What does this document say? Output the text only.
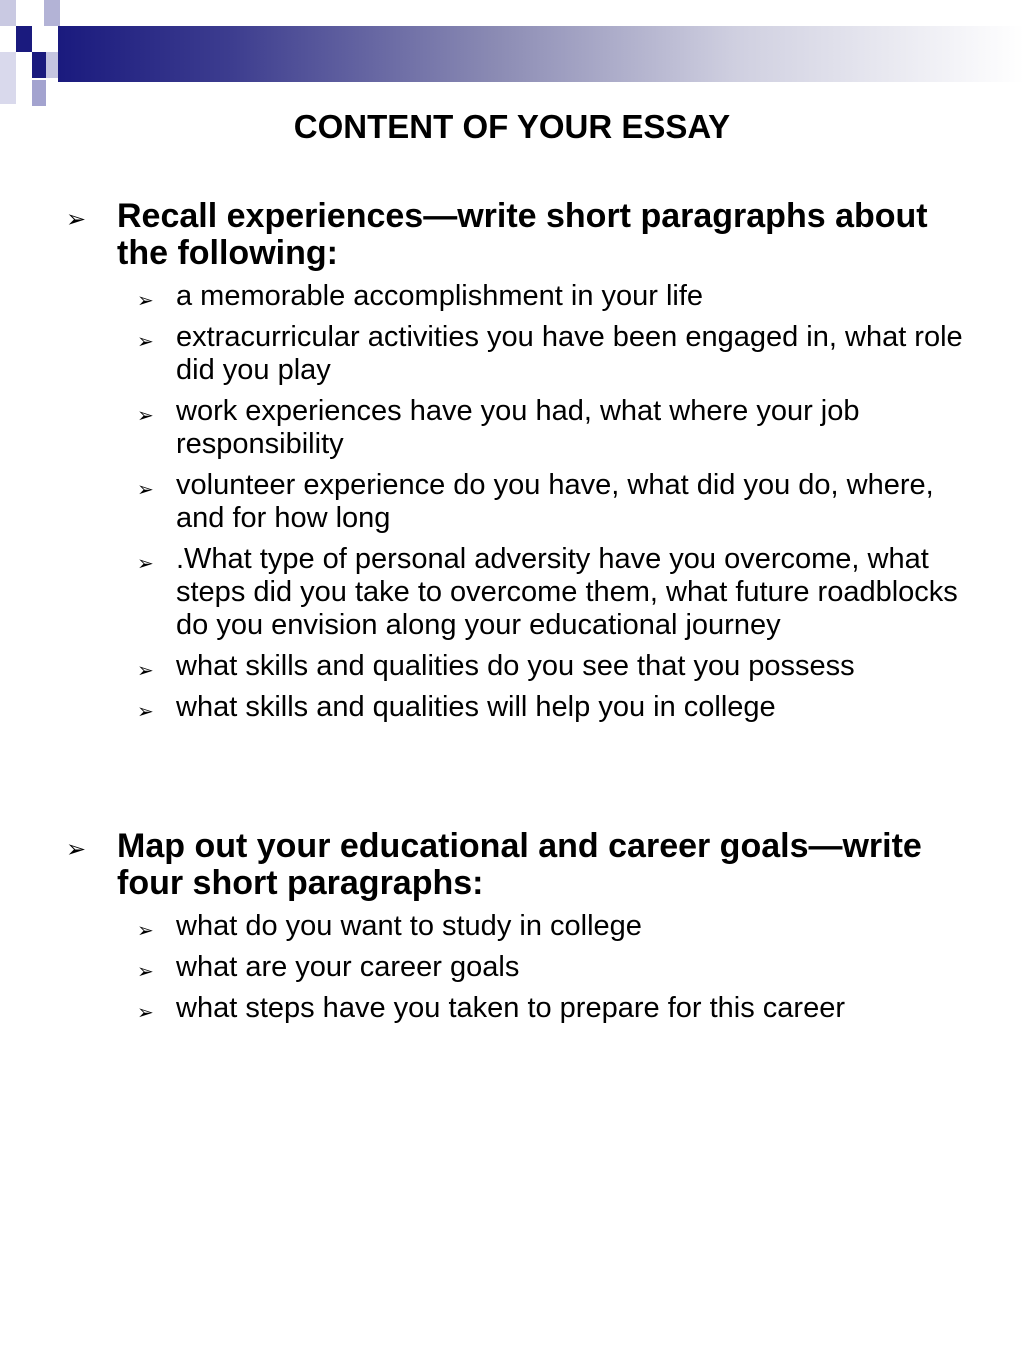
CONTENT OF YOUR ESSAY
➢ Recall experiences—write short paragraphs about the following:
➢ a memorable accomplishment in your life
➢ extracurricular activities you have been engaged in, what role did you play
➢ work experiences have you had, what where your job responsibility
➢ volunteer experience do you have, what did you do, where, and for how long
➢ .What type of personal adversity have you overcome, what steps did you take to overcome them, what future roadblocks do you envision along your educational journey
➢ what skills and qualities do you see that you possess
➢ what skills and qualities will help you in college
➢ Map out your educational and career goals—write four short paragraphs:
➢ what do you want to study in college
➢ what are your career goals
➢ what steps have you taken to prepare for this career
